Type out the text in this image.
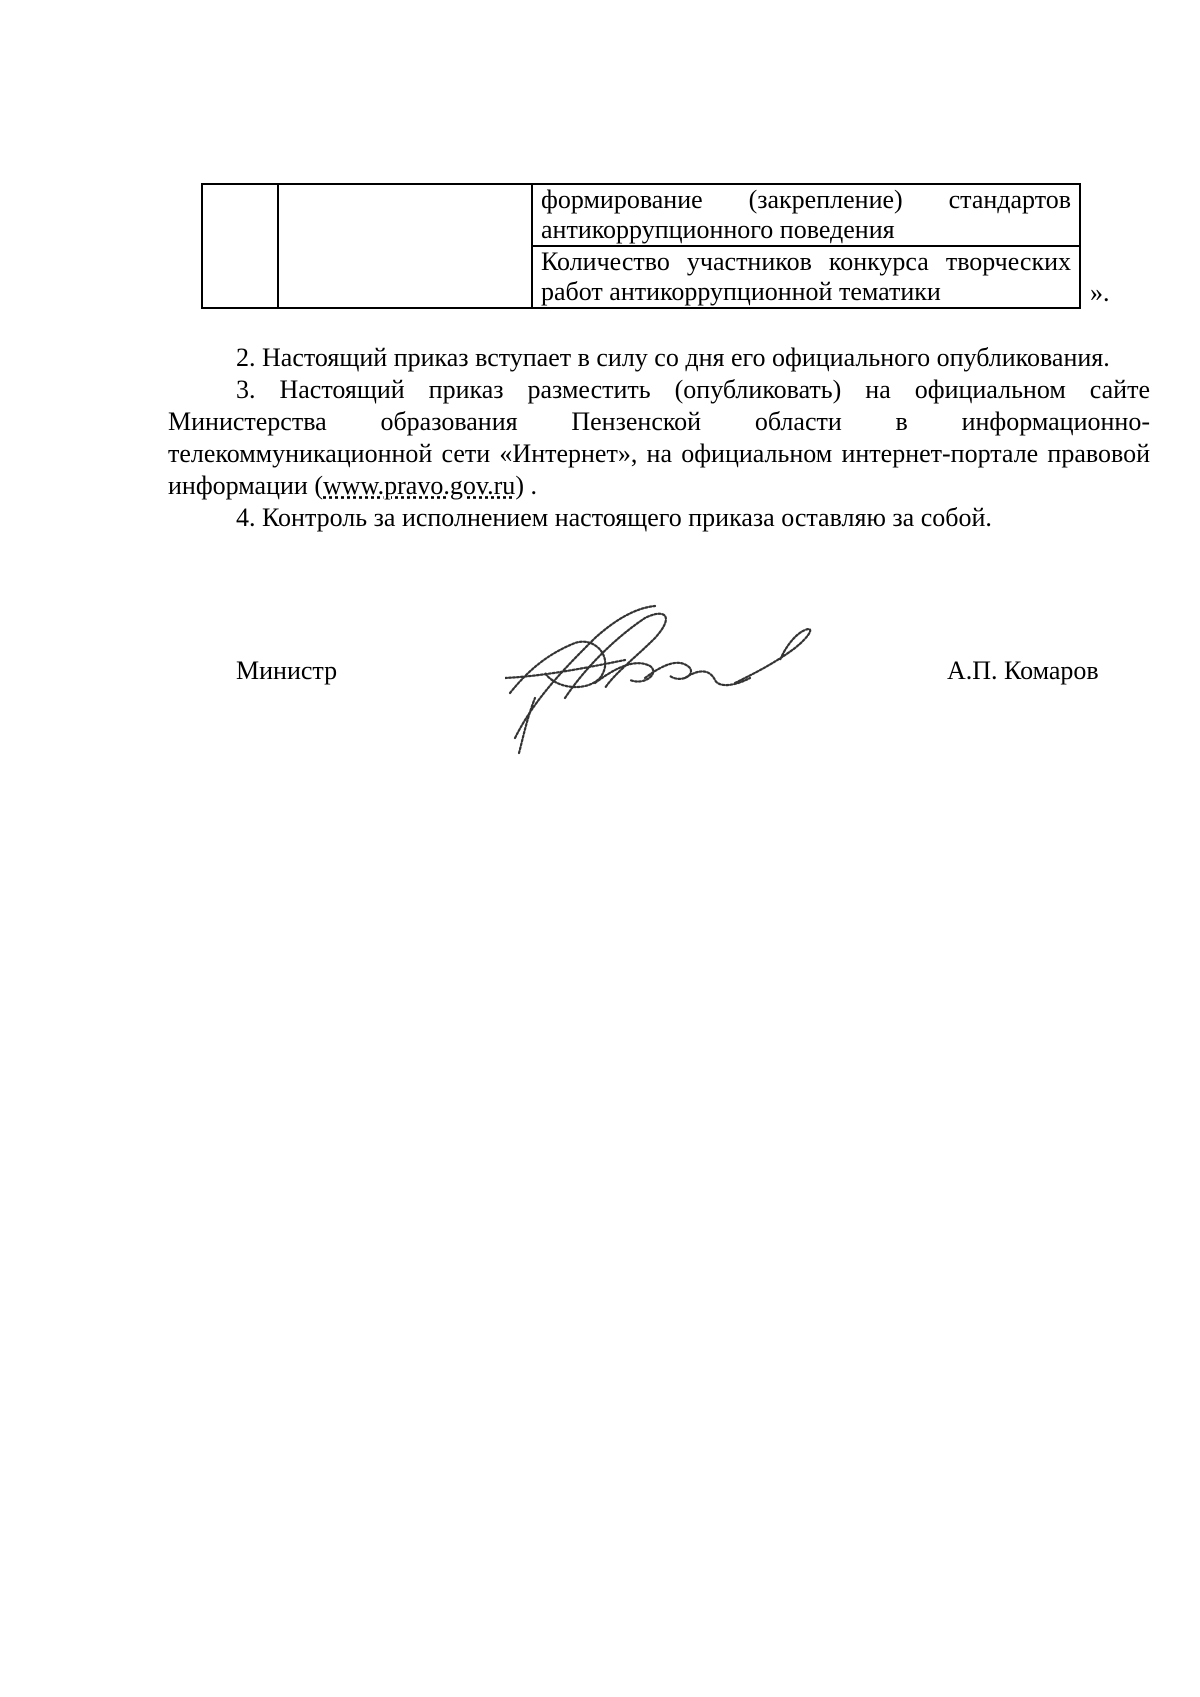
формирование (закрепление) стандартов антикоррупционного поведения

Количество участников конкурса творческих работ антикоррупционной тематики	».

2. Настоящий приказ вступает в силу со дня его официального опубликования.

3. Настоящий приказ разместить (опубликовать) на официальном сайте Министерства образования Пензенской области в информационно-телекоммуникационной сети «Интернет», на официальном интернет-портале правовой информации (www.pravo.gov.ru) .

4. Контроль за исполнением настоящего приказа оставляю за собой.

Министр	А.П. Комаров
